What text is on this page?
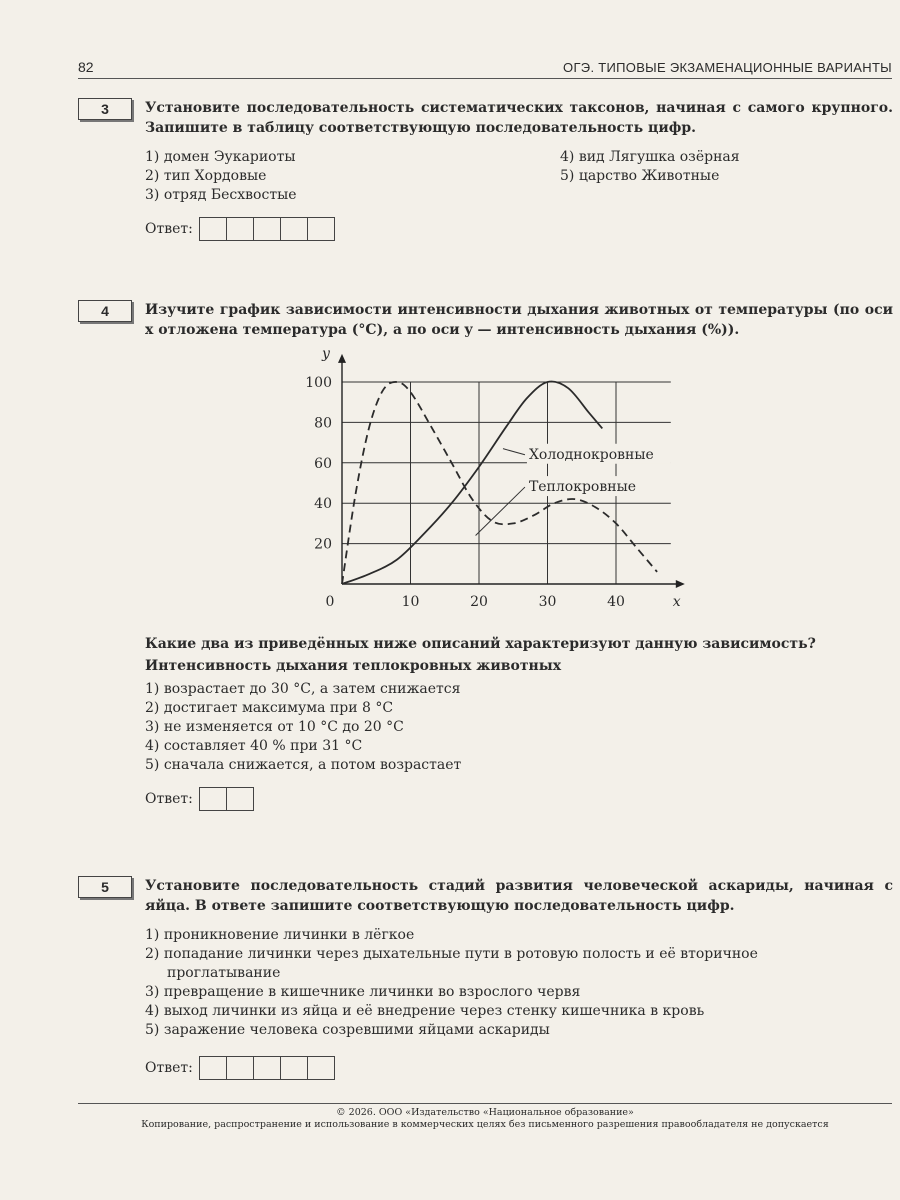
82	ОГЭ. ТИПОВЫЕ ЭКЗАМЕНАЦИОННЫЕ ВАРИАНТЫ
3	Установите последовательность систематических таксонов, начиная с самого крупного. Запишите в таблицу соответствующую последовательность цифр.

1) домен Эукариоты

2) тип Хордовые

3) отряд Бесхвостые

4) вид Лягушка озёрная

5) царство Животные

Ответ:
4	Изучите график зависимости интенсивности дыхания животных от температуры (по оси x отложена температура (°С), а по оси y — интенсивность дыхания (%)).

0	10	20	30	40
20
40
60
80
100
x
y
Холоднокровные
Теплокровные

Какие два из приведённых ниже описаний характеризуют данную зависимость?

Интенсивность дыхания теплокровных животных

1) возрастает до 30 °С, а затем снижается

2) достигает максимума при 8 °С

3) не изменяется от 10 °С до 20 °С

4) составляет 40 % при 31 °С

5) сначала снижается, а потом возрастает

Ответ:
5	Установите последовательность стадий развития человеческой аскариды, начиная с яйца. В ответе запишите соответствующую последовательность цифр.

1) проникновение личинки в лёгкое

2) попадание личинки через дыхательные пути в ротовую полость и её вторичное

проглатывание

3) превращение в кишечнике личинки во взрослого червя

4) выход личинки из яйца и её внедрение через стенку кишечника в кровь

5) заражение человека созревшими яйцами аскариды

Ответ:
© 2026. ООО «Издательство «Национальное образование»
Копирование, распространение и использование в коммерческих целях без письменного разрешения правообладателя не допускается
